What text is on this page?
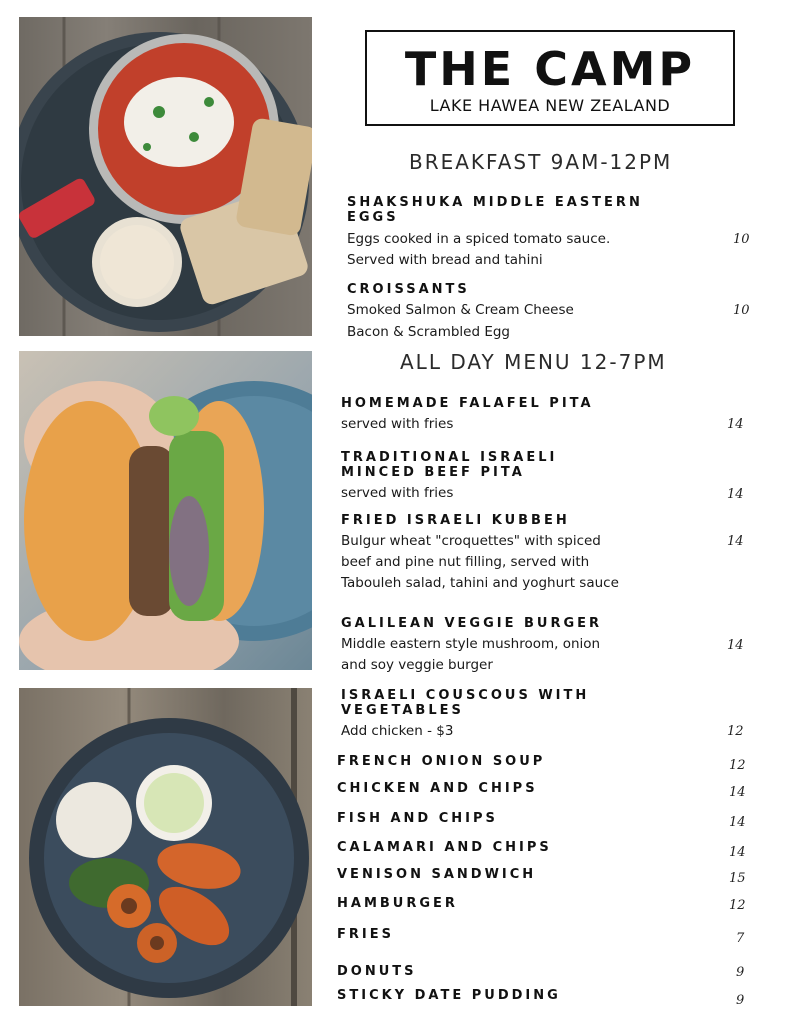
THE CAMP
LAKE HAWEA NEW ZEALAND
BREAKFAST 9AM-12PM
SHAKSHUKA MIDDLE EASTERN
EGGS
Eggs cooked in a spiced tomato sauce.
Served with bread and tahini
10
CROISSANTS
Smoked Salmon & Cream Cheese
Bacon & Scrambled Egg
10
ALL DAY MENU 12-7PM
HOMEMADE FALAFEL PITA
served with fries	14
TRADITIONAL ISRAELI
MINCED BEEF PITA
served with fries	14
FRIED ISRAELI KUBBEH
Bulgur wheat "croquettes" with spiced
beef and pine nut filling, served with
Tabouleh salad, tahini and yoghurt sauce
14
GALILEAN VEGGIE BURGER
Middle eastern style mushroom, onion
and soy veggie burger
14
ISRAELI COUSCOUS WITH
VEGETABLES
Add chicken - $3	12
FRENCH ONION SOUP	12
CHICKEN AND CHIPS	14
FISH AND CHIPS	14
CALAMARI AND CHIPS	14
VENISON SANDWICH	15
HAMBURGER	12
FRIES	7
DONUTS	9
STICKY DATE PUDDING	9
